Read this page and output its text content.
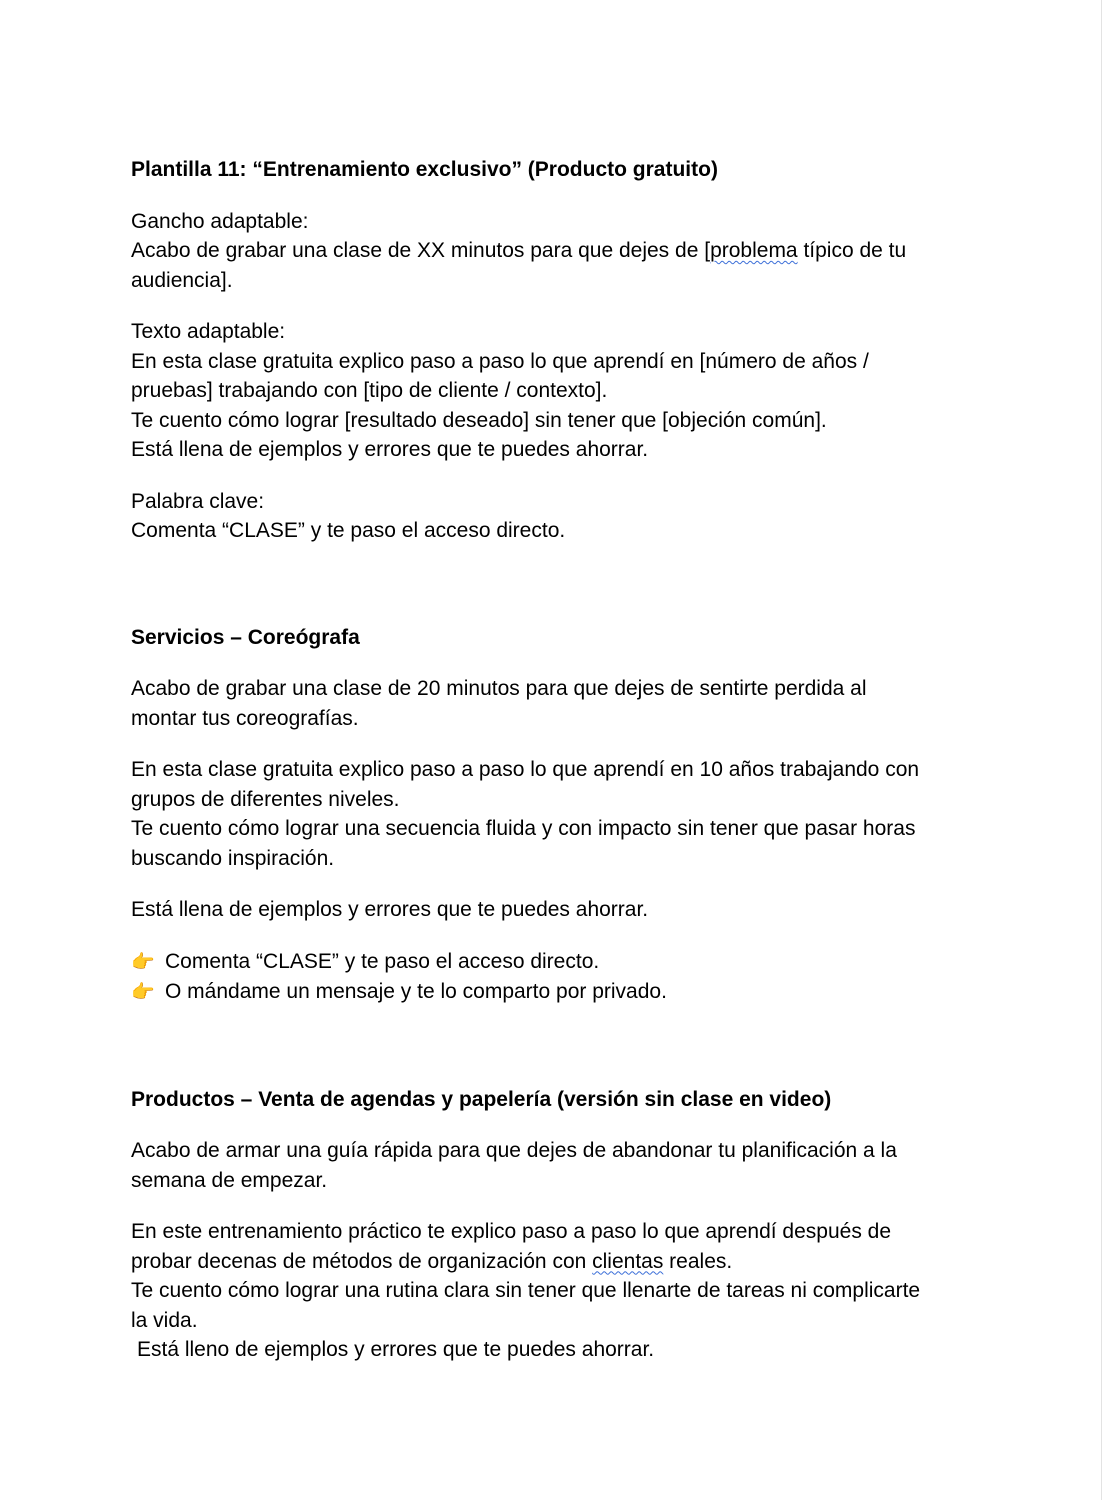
Plantilla 11: “Entrenamiento exclusivo” (Producto gratuito)

Gancho adaptable:
Acabo de grabar una clase de XX minutos para que dejes de [problema típico de tu
audiencia].

Texto adaptable:
En esta clase gratuita explico paso a paso lo que aprendí en [número de años /
pruebas] trabajando con [tipo de cliente / contexto].
Te cuento cómo lograr [resultado deseado] sin tener que [objeción común].
Está llena de ejemplos y errores que te puedes ahorrar.

Palabra clave:
Comenta “CLASE” y te paso el acceso directo.

Servicios – Coreógrafa

Acabo de grabar una clase de 20 minutos para que dejes de sentirte perdida al
montar tus coreografías.

En esta clase gratuita explico paso a paso lo que aprendí en 10 años trabajando con
grupos de diferentes niveles.
Te cuento cómo lograr una secuencia fluida y con impacto sin tener que pasar horas
buscando inspiración.

Está llena de ejemplos y errores que te puedes ahorrar.

👉 Comenta “CLASE” y te paso el acceso directo.
👉 O mándame un mensaje y te lo comparto por privado.

Productos – Venta de agendas y papelería (versión sin clase en video)

Acabo de armar una guía rápida para que dejes de abandonar tu planificación a la
semana de empezar.

En este entrenamiento práctico te explico paso a paso lo que aprendí después de
probar decenas de métodos de organización con clientas reales.
Te cuento cómo lograr una rutina clara sin tener que llenarte de tareas ni complicarte
la vida.
Está lleno de ejemplos y errores que te puedes ahorrar.
